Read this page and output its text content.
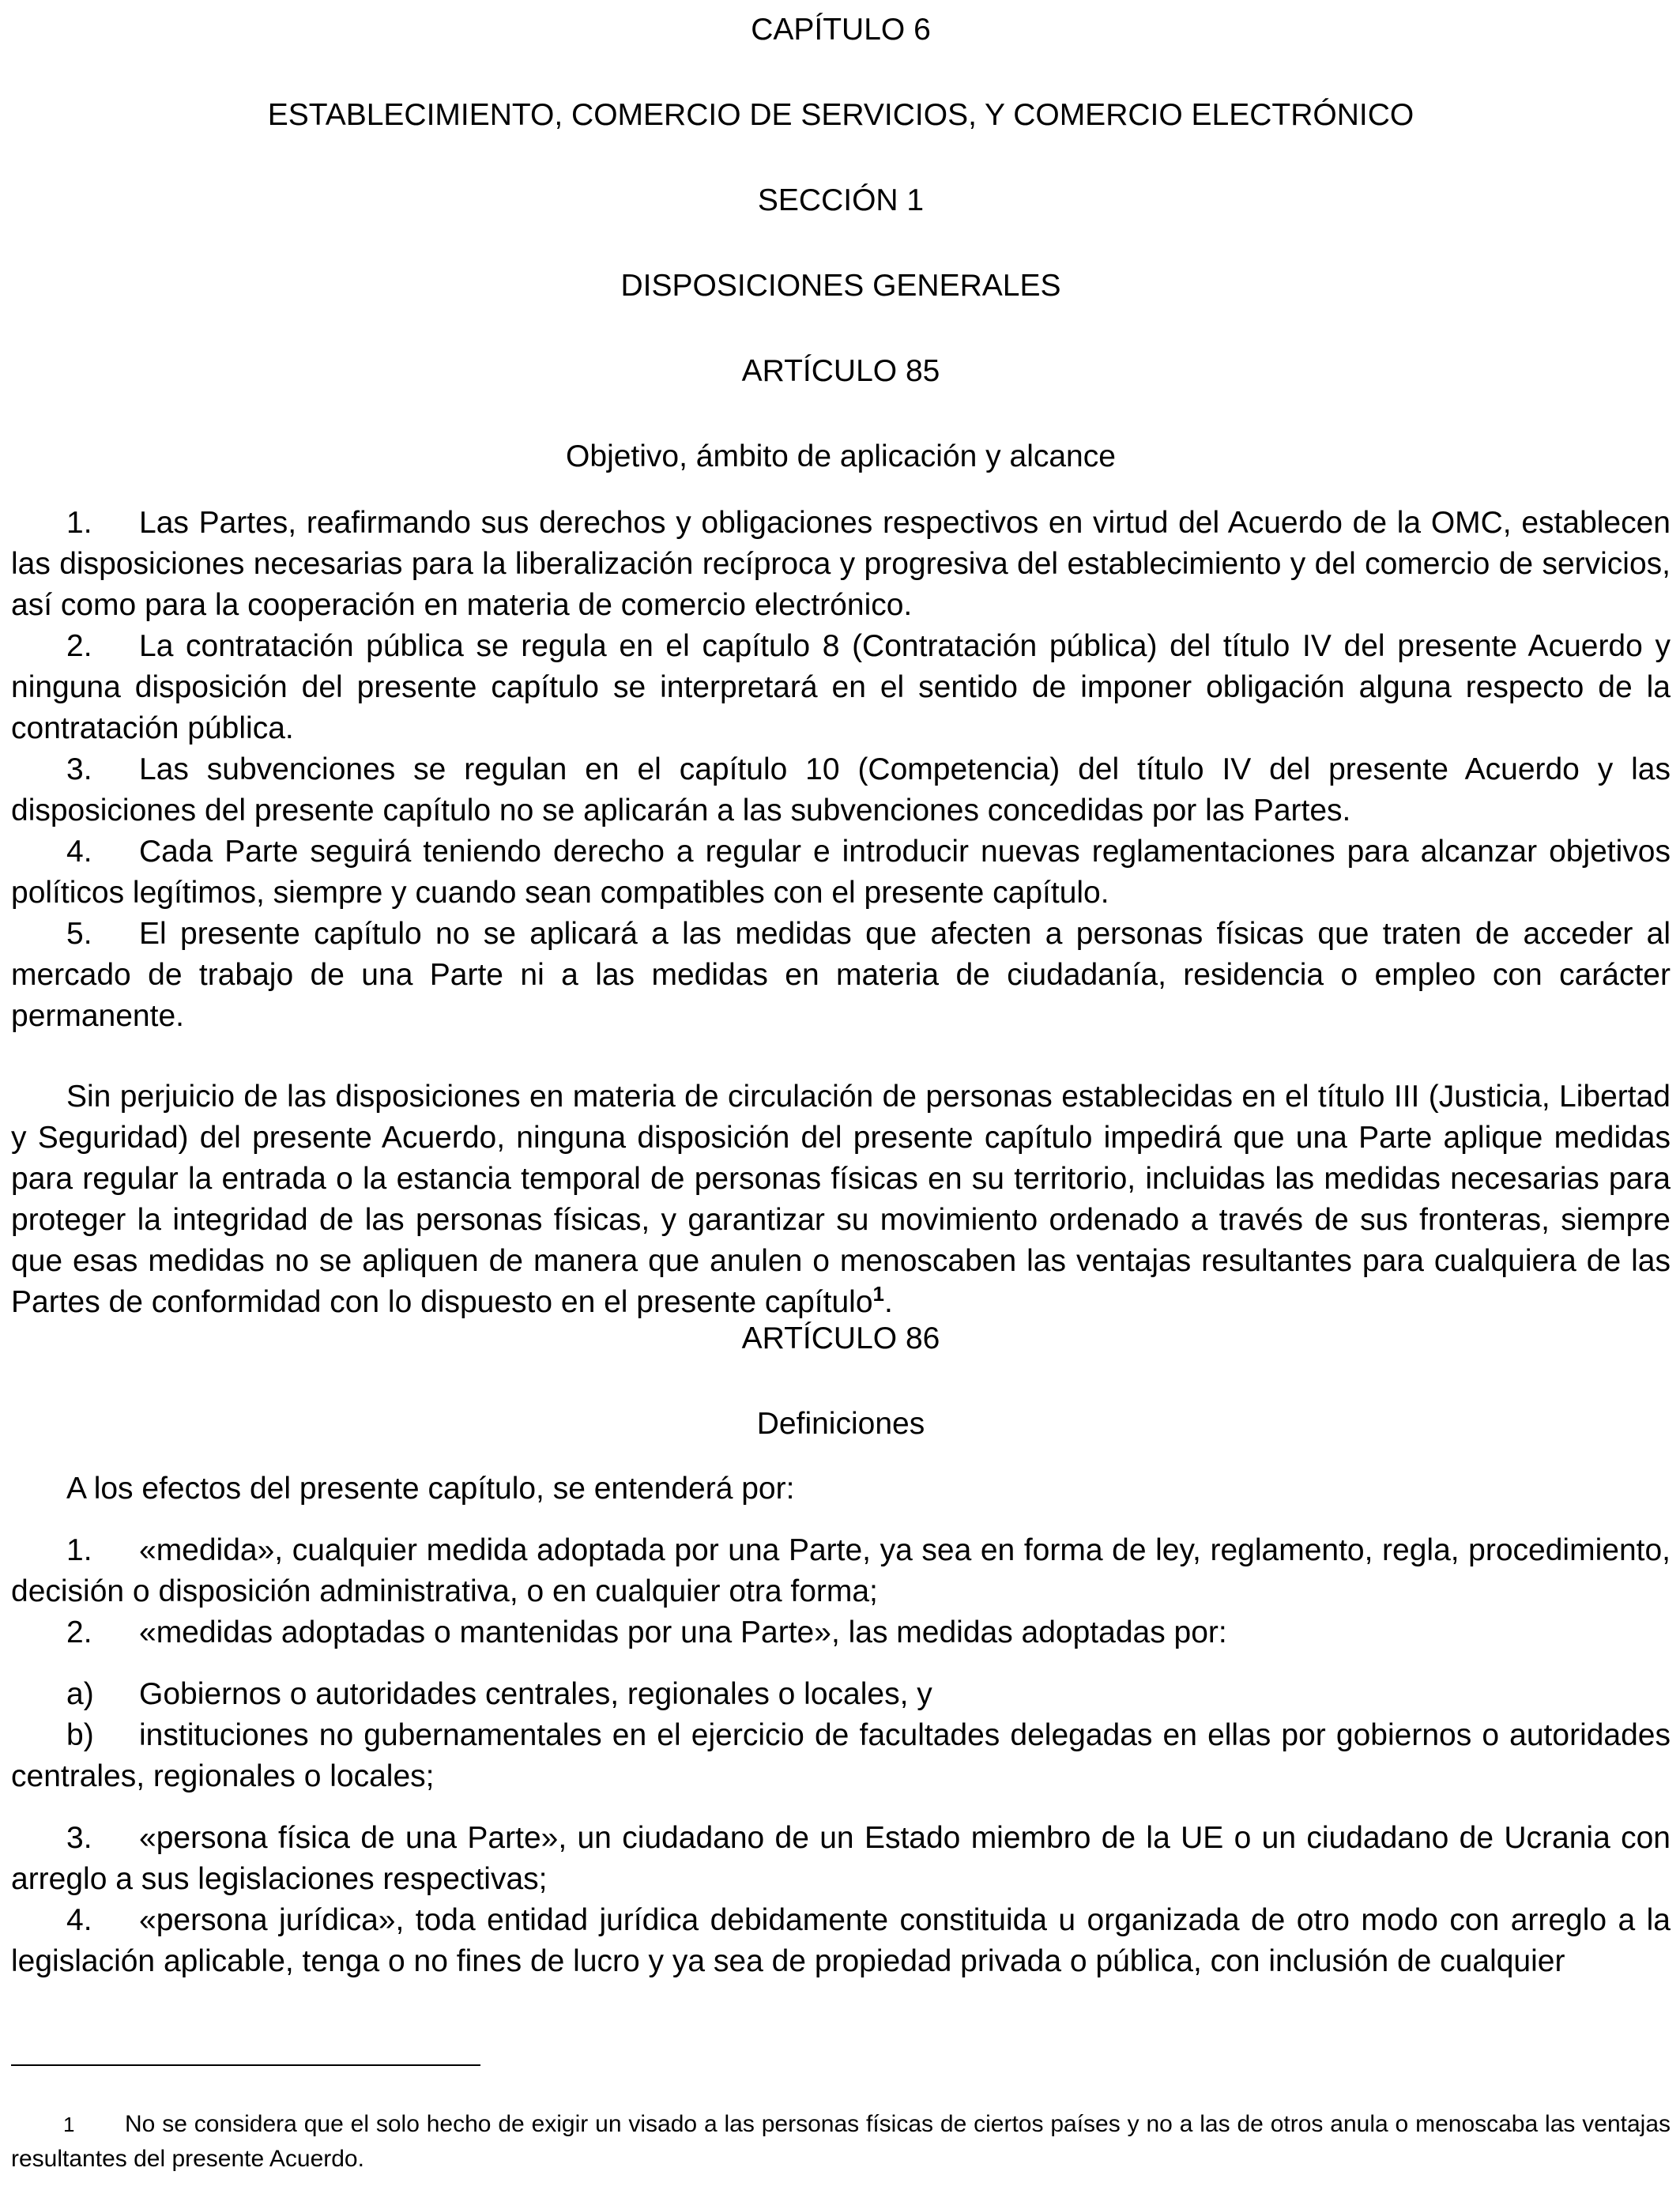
CAPÍTULO 6

ESTABLECIMIENTO, COMERCIO DE SERVICIOS, Y COMERCIO ELECTRÓNICO

SECCIÓN 1

DISPOSICIONES GENERALES

ARTÍCULO 85

Objetivo, ámbito de aplicación y alcance

1. Las Partes, reafirmando sus derechos y obligaciones respectivos en virtud del Acuerdo de la OMC, establecen las disposiciones necesarias para la liberalización recíproca y progresiva del establecimiento y del comercio de servicios, así como para la cooperación en materia de comercio electrónico.

2. La contratación pública se regula en el capítulo 8 (Contratación pública) del título IV del presente Acuerdo y ninguna disposición del presente capítulo se interpretará en el sentido de imponer obligación alguna respecto de la contratación pública.

3. Las subvenciones se regulan en el capítulo 10 (Competencia) del título IV del presente Acuerdo y las disposiciones del presente capítulo no se aplicarán a las subvenciones concedidas por las Partes.

4. Cada Parte seguirá teniendo derecho a regular e introducir nuevas reglamentaciones para alcanzar objetivos políticos legítimos, siempre y cuando sean compatibles con el presente capítulo.

5. El presente capítulo no se aplicará a las medidas que afecten a personas físicas que traten de acceder al mercado de trabajo de una Parte ni a las medidas en materia de ciudadanía, residencia o empleo con carácter permanente.

Sin perjuicio de las disposiciones en materia de circulación de personas establecidas en el título III (Justicia, Libertad y Seguridad) del presente Acuerdo, ninguna disposición del presente capítulo impedirá que una Parte aplique medidas para regular la entrada o la estancia temporal de personas físicas en su territorio, incluidas las medidas necesarias para proteger la integridad de las personas físicas, y garantizar su movimiento ordenado a través de sus fronteras, siempre que esas medidas no se apliquen de manera que anulen o menoscaben las ventajas resultantes para cualquiera de las Partes de conformidad con lo dispuesto en el presente capítulo$^1$.

ARTÍCULO 86

Definiciones

A los efectos del presente capítulo, se entenderá por:

1. «medida», cualquier medida adoptada por una Parte, ya sea en forma de ley, reglamento, regla, procedimiento, decisión o disposición administrativa, o en cualquier otra forma;

2. «medidas adoptadas o mantenidas por una Parte», las medidas adoptadas por:

a) Gobiernos o autoridades centrales, regionales o locales, y

b) instituciones no gubernamentales en el ejercicio de facultades delegadas en ellas por gobiernos o autoridades centrales, regionales o locales;

3. «persona física de una Parte», un ciudadano de un Estado miembro de la UE o un ciudadano de Ucrania con arreglo a sus legislaciones respectivas;

4. «persona jurídica», toda entidad jurídica debidamente constituida u organizada de otro modo con arreglo a la legislación aplicable, tenga o no fines de lucro y ya sea de propiedad privada o pública, con inclusión de cualquier

1 No se considera que el solo hecho de exigir un visado a las personas físicas de ciertos países y no a las de otros anula o menoscaba las ventajas resultantes del presente Acuerdo.
